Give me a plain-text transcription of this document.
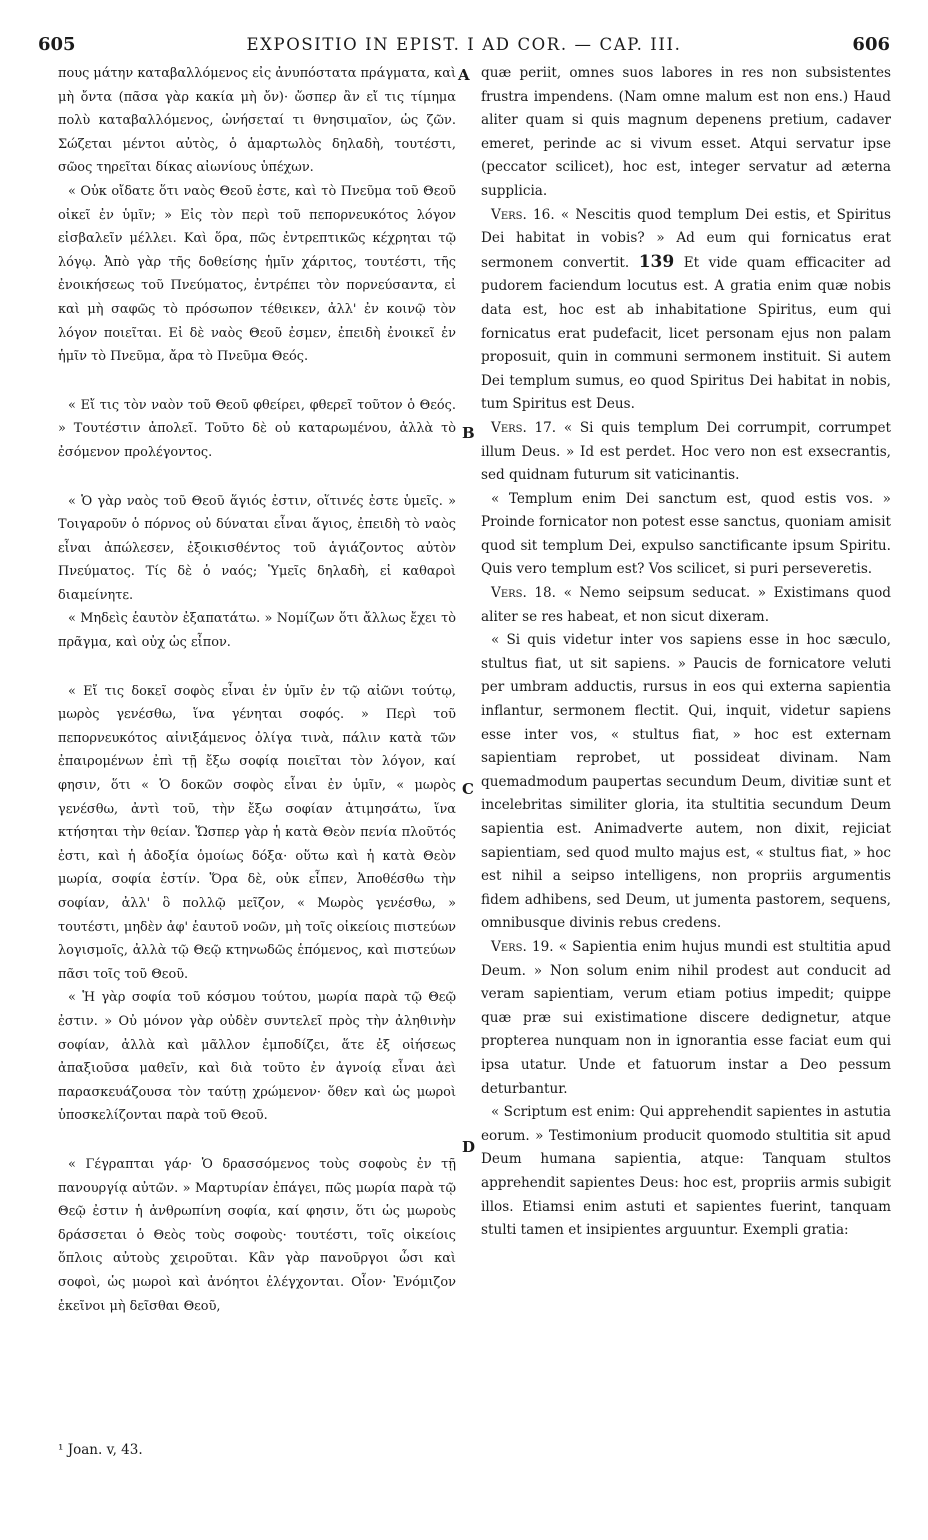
605	EXPOSITIO IN EPIST. I AD COR. — CAP. III.	606
A
B
C
D

πους μάτην καταβαλλόμενος εἰς ἀνυπόστατα πράγματα, καὶ μὴ ὄντα (πᾶσα γὰρ κακία μὴ ὄν)· ὥσπερ ἂν εἴ τις τίμημα πολὺ καταβαλλόμενος, ὠνήσεταί τι θνησιμαῖον, ὡς ζῶν. Σώζεται μέντοι αὐτὸς, ὁ ἁμαρτωλὸς δηλαδὴ, τουτέστι, σῶος τηρεῖται δίκας αἰωνίους ὑπέχων.

« Οὐκ οἴδατε ὅτι ναὸς Θεοῦ ἐστε, καὶ τὸ Πνεῦμα τοῦ Θεοῦ οἰκεῖ ἐν ὑμῖν; » Εἰς τὸν περὶ τοῦ πεπορνευκότος λόγον εἰσβαλεῖν μέλλει. Καὶ ὅρα, πῶς ἐντρεπτικῶς κέχρηται τῷ λόγῳ. Ἀπὸ γὰρ τῆς δοθείσης ἡμῖν χάριτος, τουτέστι, τῆς ἐνοικήσεως τοῦ Πνεύματος, ἐντρέπει τὸν πορνεύσαντα, εἰ καὶ μὴ σαφῶς τὸ πρόσωπον τέθεικεν, ἀλλ' ἐν κοινῷ τὸν λόγον ποιεῖται. Εἰ δὲ ναὸς Θεοῦ ἐσμεν, ἐπειδὴ ἐνοικεῖ ἐν ἡμῖν τὸ Πνεῦμα, ἄρα τὸ Πνεῦμα Θεός.

« Εἴ τις τὸν ναὸν τοῦ Θεοῦ φθείρει, φθερεῖ τοῦτον ὁ Θεός. » Τουτέστιν ἀπολεῖ. Τοῦτο δὲ οὐ καταρωμένου, ἀλλὰ τὸ ἐσόμενον προλέγοντος.

« Ὁ γὰρ ναὸς τοῦ Θεοῦ ἅγιός ἐστιν, οἵτινές ἐστε ὑμεῖς. » Τοιγαροῦν ὁ πόρνος οὐ δύναται εἶναι ἅγιος, ἐπειδὴ τὸ ναὸς εἶναι ἀπώλεσεν, ἐξοικισθέντος τοῦ ἁγιάζοντος αὐτὸν Πνεύματος. Τίς δὲ ὁ ναός; Ὑμεῖς δηλαδὴ, εἰ καθαροὶ διαμείνητε.

« Μηδεὶς ἑαυτὸν ἐξαπατάτω. » Νομίζων ὅτι ἄλλως ἔχει τὸ πρᾶγμα, καὶ οὐχ ὡς εἶπον.

« Εἴ τις δοκεῖ σοφὸς εἶναι ἐν ὑμῖν ἐν τῷ αἰῶνι τούτῳ, μωρὸς γενέσθω, ἵνα γένηται σοφός. » Περὶ τοῦ πεπορνευκότος αἰνιξάμενος ὀλίγα τινὰ, πάλιν κατὰ τῶν ἐπαιρομένων ἐπὶ τῇ ἔξω σοφίᾳ ποιεῖται τὸν λόγον, καί φησιν, ὅτι « Ὁ δοκῶν σοφὸς εἶναι ἐν ὑμῖν, « μωρὸς γενέσθω, ἀντὶ τοῦ, τὴν ἔξω σοφίαν ἀτιμησάτω, ἵνα κτήσηται τὴν θείαν. Ὥσπερ γὰρ ἡ κατὰ Θεὸν πενία πλοῦτός ἐστι, καὶ ἡ ἀδοξία ὁμοίως δόξα· οὕτω καὶ ἡ κατὰ Θεὸν μωρία, σοφία ἐστίν. Ὅρα δὲ, οὐκ εἶπεν, Ἀποθέσθω τὴν σοφίαν, ἀλλ' ὃ πολλῷ μεῖζον, « Μωρὸς γενέσθω, » τουτέστι, μηδὲν ἀφ' ἑαυτοῦ νοῶν, μὴ τοῖς οἰκείοις πιστεύων λογισμοῖς, ἀλλὰ τῷ Θεῷ κτηνωδῶς ἑπόμενος, καὶ πιστεύων πᾶσι τοῖς τοῦ Θεοῦ.

« Ἡ γὰρ σοφία τοῦ κόσμου τούτου, μωρία παρὰ τῷ Θεῷ ἐστιν. » Οὐ μόνον γὰρ οὐδὲν συντελεῖ πρὸς τὴν ἀληθινὴν σοφίαν, ἀλλὰ καὶ μᾶλλον ἐμποδίζει, ἅτε ἐξ οἰήσεως ἀπαξιοῦσα μαθεῖν, καὶ διὰ τοῦτο ἐν ἀγνοίᾳ εἶναι ἀεὶ παρασκευάζουσα τὸν ταύτῃ χρώμενον· ὅθεν καὶ ὡς μωροὶ ὑποσκελίζονται παρὰ τοῦ Θεοῦ.

« Γέγραπται γάρ· Ὁ δρασσόμενος τοὺς σοφοὺς ἐν τῇ πανουργίᾳ αὐτῶν. » Μαρτυρίαν ἐπάγει, πῶς μωρία παρὰ τῷ Θεῷ ἐστιν ἡ ἀνθρωπίνη σοφία, καί φησιν, ὅτι ὡς μωροὺς δράσσεται ὁ Θεὸς τοὺς σοφοὺς· τουτέστι, τοῖς οἰκείοις ὅπλοις αὐτοὺς χειροῦται. Κἂν γὰρ πανοῦργοι ὦσι καὶ σοφοὶ, ὡς μωροὶ καὶ ἀνόητοι ἐλέγχονται. Οἷον· Ἐνόμιζον ἐκεῖνοι μὴ δεῖσθαι Θεοῦ,

quæ periit, omnes suos labores in res non subsistentes frustra impendens. (Nam omne malum est non ens.) Haud aliter quam si quis magnum depenens pretium, cadaver emeret, perinde ac si vivum esset. Atqui servatur ipse (peccator scilicet), hoc est, integer servatur ad æterna supplicia.

Vers. 16. « Nescitis quod templum Dei estis, et Spiritus Dei habitat in vobis? » Ad eum qui fornicatus erat sermonem convertit. 139 Et vide quam efficaciter ad pudorem faciendum locutus est. A gratia enim quæ nobis data est, hoc est ab inhabitatione Spiritus, eum qui fornicatus erat pudefacit, licet personam ejus non palam proposuit, quin in communi sermonem instituit. Si autem Dei templum sumus, eo quod Spiritus Dei habitat in nobis, tum Spiritus est Deus.

Vers. 17. « Si quis templum Dei corrumpit, corrumpet illum Deus. » Id est perdet. Hoc vero non est exsecrantis, sed quidnam futurum sit vaticinantis.

« Templum enim Dei sanctum est, quod estis vos. » Proinde fornicator non potest esse sanctus, quoniam amisit quod sit templum Dei, expulso sanctificante ipsum Spiritu. Quis vero templum est? Vos scilicet, si puri perseveretis.

Vers. 18. « Nemo seipsum seducat. » Existimans quod aliter se res habeat, et non sicut dixeram.

« Si quis videtur inter vos sapiens esse in hoc sæculo, stultus fiat, ut sit sapiens. » Paucis de fornicatore veluti per umbram adductis, rursus in eos qui externa sapientia inflantur, sermonem flectit. Qui, inquit, videtur sapiens esse inter vos, « stultus fiat, » hoc est externam sapientiam reprobet, ut possideat divinam. Nam quemadmodum paupertas secundum Deum, divitiæ sunt et incelebritas similiter gloria, ita stultitia secundum Deum sapientia est. Animadverte autem, non dixit, rejiciat sapientiam, sed quod multo majus est, « stultus fiat, » hoc est nihil a seipso intelligens, non propriis argumentis fidem adhibens, sed Deum, ut jumenta pastorem, sequens, omnibusque divinis rebus credens.

Vers. 19. « Sapientia enim hujus mundi est stultitia apud Deum. » Non solum enim nihil prodest aut conducit ad veram sapientiam, verum etiam potius impedit; quippe quæ præ sui existimatione discere dedignetur, atque propterea nunquam non in ignorantia esse faciat eum qui ipsa utatur. Unde et fatuorum instar a Deo pessum deturbantur.

« Scriptum est enim: Qui apprehendit sapientes in astutia eorum. » Testimonium producit quomodo stultitia sit apud Deum humana sapientia, atque: Tanquam stultos apprehendit sapientes Deus: hoc est, propriis armis subigit illos. Etiamsi enim astuti et sapientes fuerint, tanquam stulti tamen et insipientes arguuntur. Exempli gratia:

¹ Joan. v, 43.
